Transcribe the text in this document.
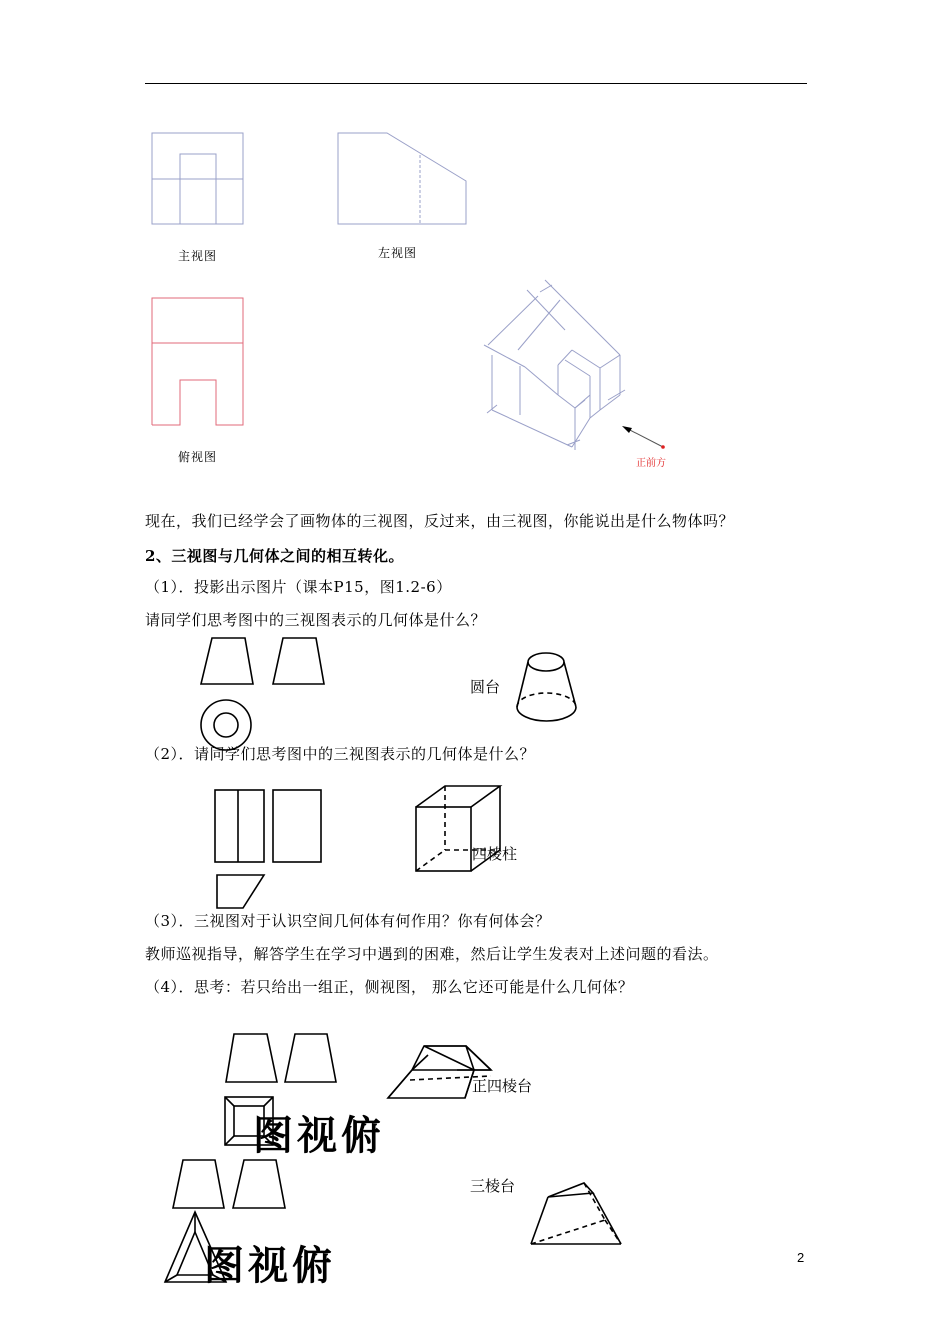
主视图	左视图
俯视图	正前方
现在，我们已经学会了画物体的三视图，反过来，由三视图，你能说出是什么物体吗？
2、三视图与几何体之间的相互转化。
（1）．投影出示图片（课本P15，图1.2-6）
请同学们思考图中的三视图表示的几何体是什么？
圆台
（2）．请同学们思考图中的三视图表示的几何体是什么？
四棱柱
（3）．三视图对于认识空间几何体有何作用？你有何体会？
教师巡视指导，解答学生在学习中遇到的困难，然后让学生发表对上述问题的看法。
（4）．思考：若只给出一组正，侧视图， 那么它还可能是什么几何体？
图视俯
正四棱台
图视俯
三棱台
2
